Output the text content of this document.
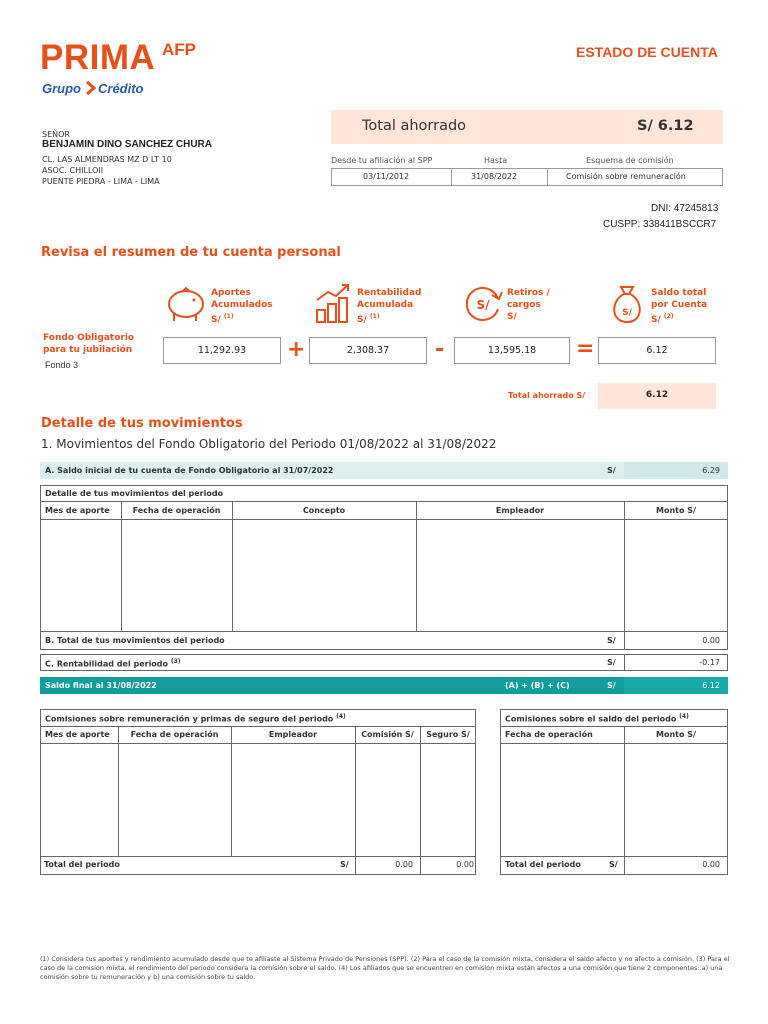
PRIMA AFP
Grupo Crédito
ESTADO DE CUENTA
Total ahorrado	S/ 6.12
SEÑOR
BENJAMIN DINO SANCHEZ CHURA
CL. LAS ALMENDRAS MZ D LT 10
ASOC. CHILLOII
PUENTE PIEDRA - LIMA - LIMA
Desde tu afiliación al SPP	Hasta	Esquema de comisión
03/11/2012	31/08/2022	Comisión sobre remuneración
DNI: 47245813
CUSPP: 338411BSCCR7
Revisa el resumen de tu cuenta personal
S/
S/
Aportes
Acumulados
S/ $^{(1)}$
Rentabilidad
Acumulada
S/ $^{(1)}$
Retiros /
cargos
S/
Saldo total
por Cuenta
S/ $^{(2)}$
Fondo Obligatorio
para tu jubilación
Fondo 3
11,292.93	+	2,308.37	-	13,595.18	=	6.12
Total ahorrado S/	6.12
Detalle de tus movimientos
1. Movimientos del Fondo Obligatorio del Periodo 01/08/2022 al 31/08/2022
A. Saldo inicial de tu cuenta de Fondo Obligatorio al 31/07/2022	S/	6.29
Detalle de tus movimientos del periodo
Mes de aporte	Fecha de operación	Concepto	Empleador	Monto S/
B. Total de tus movimientos del periodo	S/	0.00
C. Rentabilidad del periodo $^{(3)}$	S/	-0.17
Saldo final al 31/08/2022	(A) + (B) + (C)	S/	6.12
Comisiones sobre remuneración y primas de seguro del periodo $^{(4)}$
Mes de aporte	Fecha de operación	Empleador	Comisión S/	Seguro S/
Total del periodo	S/	0.00	0.00
Comisiones sobre el saldo del periodo $^{(4)}$
Fecha de operación	Monto S/
Total del periodo	S/	0.00
(1) Considera tus aportes y rendimiento acumulado desde que te afiliaste al Sistema Privado de Pensiones (SPP). (2) Para el caso de la comisión mixta, considera el saldo afecto y no afecto a comisión. (3) Para el caso de la comisión mixta, el rendimiento del periodo considera la comisión sobre el saldo. (4) Los afiliados que se encuentren en comisión mixta están afectos a una comisión que tiene 2 componentes: a) una comisión sobre tu remuneración y b) una comisión sobre tu saldo.
